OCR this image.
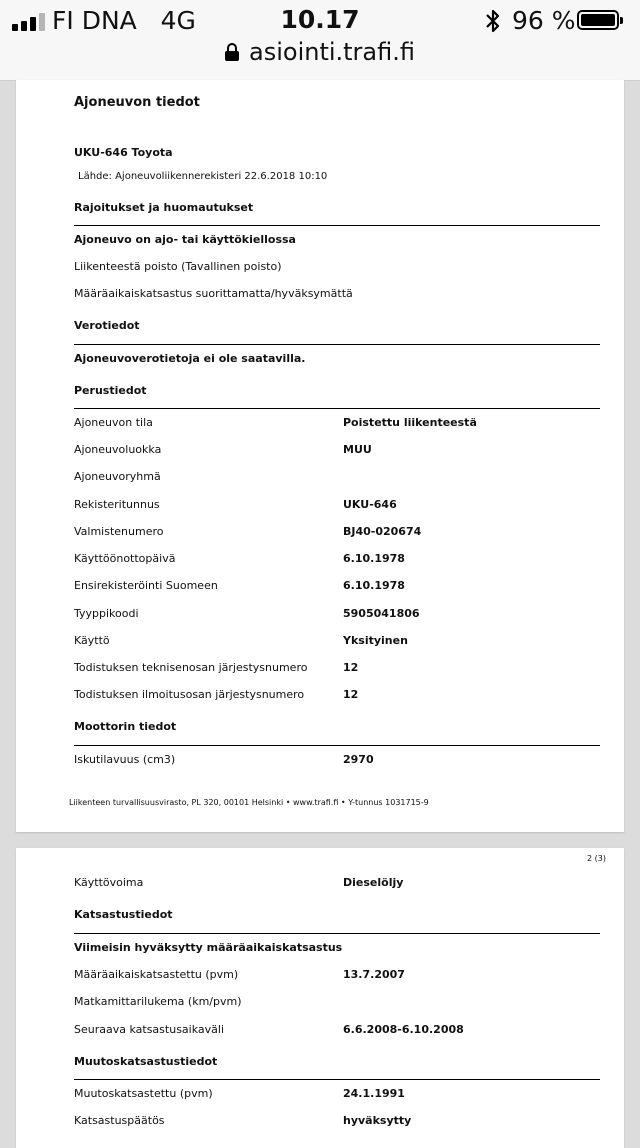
FI DNA   4G	10.17	96 %
asiointi.trafi.fi
Ajoneuvon tiedot
UKU-646 Toyota
Lähde: Ajoneuvoliikennerekisteri 22.6.2018 10:10
Rajoitukset ja huomautukset
Ajoneuvo on ajo- tai käyttökiellossa
Liikenteestä poisto (Tavallinen poisto)
Määräaikaiskatsastus suorittamatta/hyväksymättä
Verotiedot
Ajoneuvoverotietoja ei ole saatavilla.
Perustiedot
Ajoneuvon tila	Poistettu liikenteestä
Ajoneuvoluokka	MUU
Ajoneuvoryhmä
Rekisteritunnus	UKU-646
Valmistenumero	BJ40-020674
Käyttöönottopäivä	6.10.1978
Ensirekisteröinti Suomeen	6.10.1978
Tyyppikoodi	5905041806
Käyttö	Yksityinen
Todistuksen teknisenosan järjestysnumero	12
Todistuksen ilmoitusosan järjestysnumero	12
Moottorin tiedot
Iskutilavuus (cm3)	2970
Liikenteen turvallisuusvirasto, PL 320, 00101 Helsinki • www.trafi.fi • Y-tunnus 1031715-9
2 (3)
Käyttövoima	Dieselöljy
Katsastustiedot
Viimeisin hyväksytty määräaikaiskatsastus
Määräaikaiskatsastettu (pvm)	13.7.2007
Matkamittarilukema (km/pvm)
Seuraava katsastusaikaväli	6.6.2008-6.10.2008
Muutoskatsastustiedot
Muutoskatsastettu (pvm)	24.1.1991
Katsastuspäätös	hyväksytty
